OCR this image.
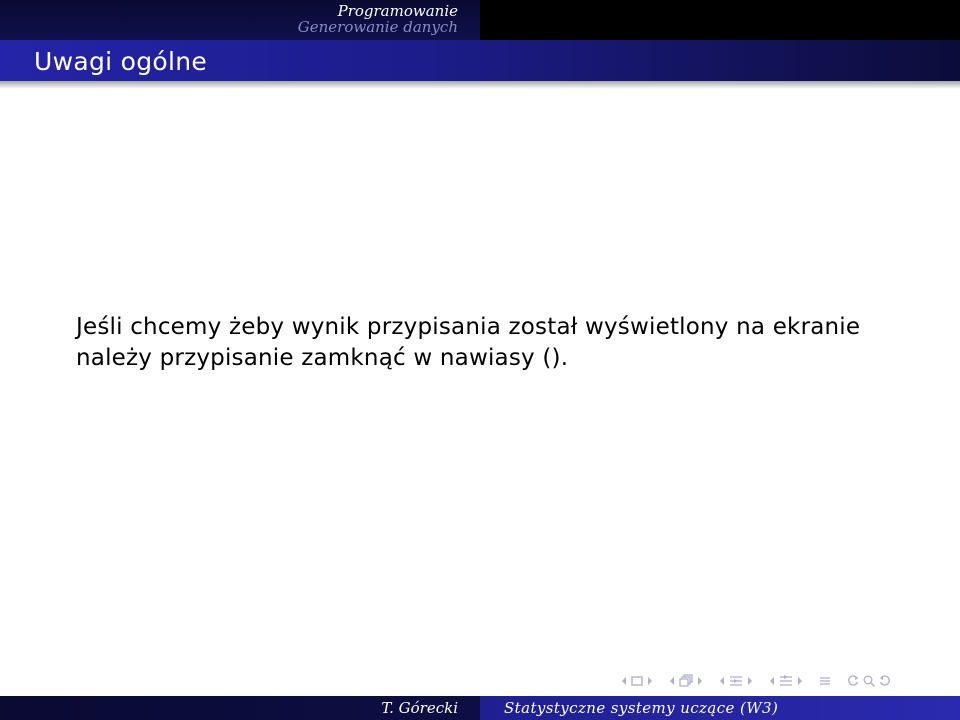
Programowanie
Generowanie danych
Uwagi ogólne
Jeśli chcemy żeby wynik przypisania został wyświetlony na ekranie
należy przypisanie zamknąć w nawiasy ().
T. Górecki	Statystyczne systemy uczące (W3)
